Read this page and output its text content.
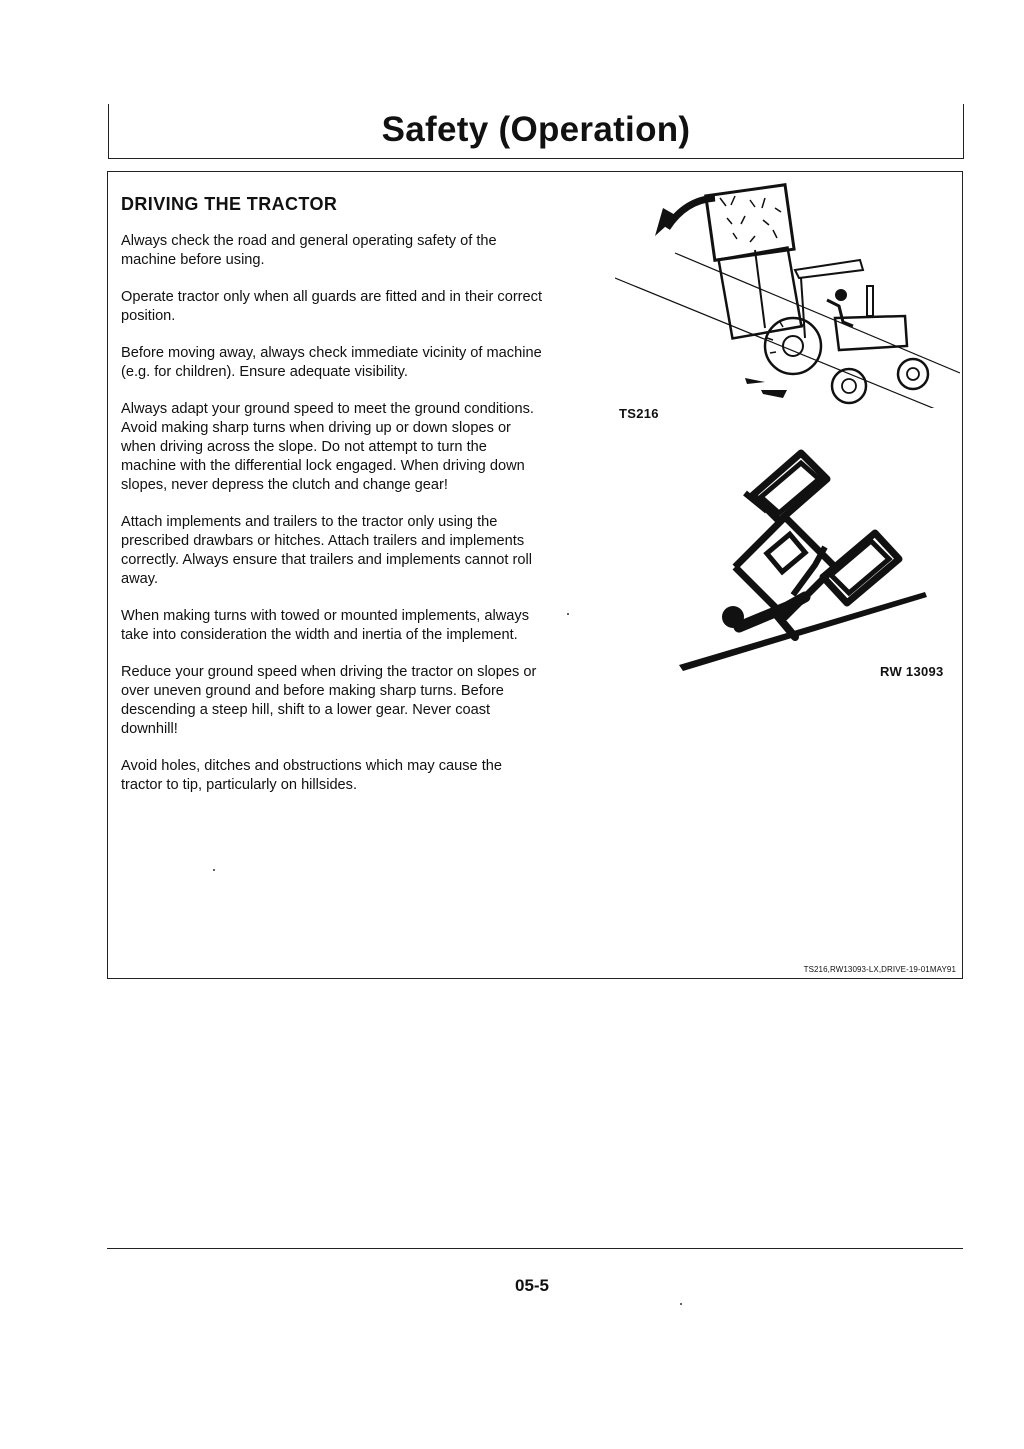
Safety (Operation)
DRIVING THE TRACTOR

Always check the road and general operating safety of the machine before using.

Operate tractor only when all guards are fitted and in their correct position.

Before moving away, always check immediate vicinity of machine (e.g. for children). Ensure adequate visibility.

Always adapt your ground speed to meet the ground conditions. Avoid making sharp turns when driving up or down slopes or when driving across the slope. Do not attempt to turn the machine with the differential lock engaged. When driving down slopes, never depress the clutch and change gear!

Attach implements and trailers to the tractor only using the prescribed drawbars or hitches. Attach trailers and implements correctly. Always ensure that trailers and implements cannot roll away.

When making turns with towed or mounted implements, always take into consideration the width and inertia of the implement.

Reduce your ground speed when driving the tractor on slopes or over uneven ground and before making sharp turns. Before descending a steep hill, shift to a lower gear. Never coast downhill!

Avoid holes, ditches and obstructions which may cause the tractor to tip, particularly on hillsides.

TS216,RW13093-LX,DRIVE-19-01MAY91
TS216
RW 13093
05-5
